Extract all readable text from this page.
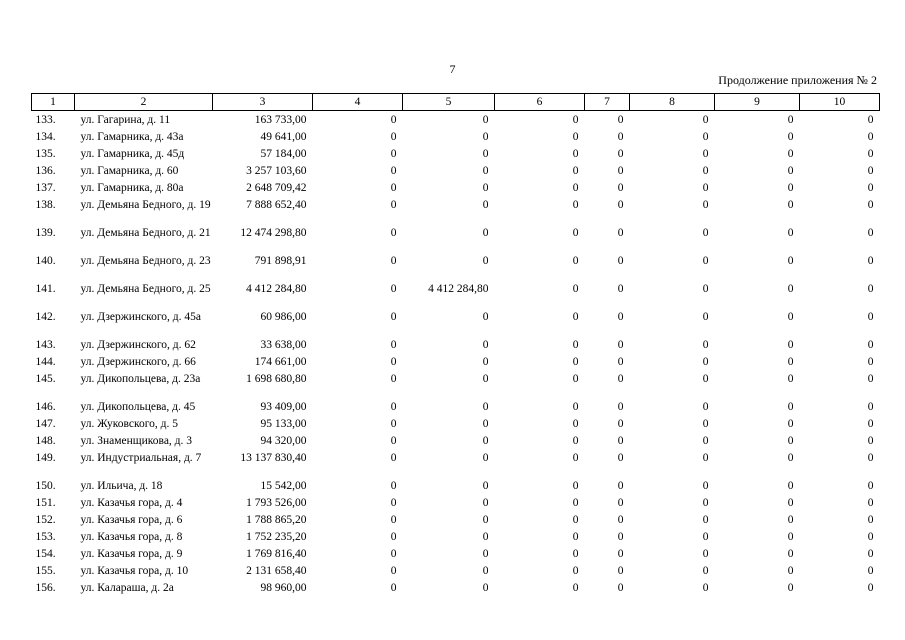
7
Продолжение приложения № 2
1	2	3	4	5	6	7	8	9	10
133.	ул. Гагарина, д. 11	163 733,00	0	0	0	0	0	0	0
134.	ул. Гамарника, д. 43а	49 641,00	0	0	0	0	0	0	0
135.	ул. Гамарника, д. 45д	57 184,00	0	0	0	0	0	0	0
136.	ул. Гамарника, д. 60	3 257 103,60	0	0	0	0	0	0	0
137.	ул. Гамарника, д. 80а	2 648 709,42	0	0	0	0	0	0	0
138.	ул. Демьяна Бедного, д. 19	7 888 652,40	0	0	0	0	0	0	0
139.	ул. Демьяна Бедного, д. 21	12 474 298,80	0	0	0	0	0	0	0
140.	ул. Демьяна Бедного, д. 23	791 898,91	0	0	0	0	0	0	0
141.	ул. Демьяна Бедного, д. 25	4 412 284,80	0	4 412 284,80	0	0	0	0	0
142.	ул. Дзержинского, д. 45а	60 986,00	0	0	0	0	0	0	0
143.	ул. Дзержинского, д. 62	33 638,00	0	0	0	0	0	0	0
144.	ул. Дзержинского, д. 66	174 661,00	0	0	0	0	0	0	0
145.	ул. Дикопольцева, д. 23а	1 698 680,80	0	0	0	0	0	0	0
146.	ул. Дикопольцева, д. 45	93 409,00	0	0	0	0	0	0	0
147.	ул. Жуковского, д. 5	95 133,00	0	0	0	0	0	0	0
148.	ул. Знаменщикова, д. 3	94 320,00	0	0	0	0	0	0	0
149.	ул. Индустриальная, д. 7	13 137 830,40	0	0	0	0	0	0	0
150.	ул. Ильича, д. 18	15 542,00	0	0	0	0	0	0	0
151.	ул. Казачья гора, д. 4	1 793 526,00	0	0	0	0	0	0	0
152.	ул. Казачья гора, д. 6	1 788 865,20	0	0	0	0	0	0	0
153.	ул. Казачья гора, д. 8	1 752 235,20	0	0	0	0	0	0	0
154.	ул. Казачья гора, д. 9	1 769 816,40	0	0	0	0	0	0	0
155.	ул. Казачья гора, д. 10	2 131 658,40	0	0	0	0	0	0	0
156.	ул. Калараша, д. 2а	98 960,00	0	0	0	0	0	0	0
